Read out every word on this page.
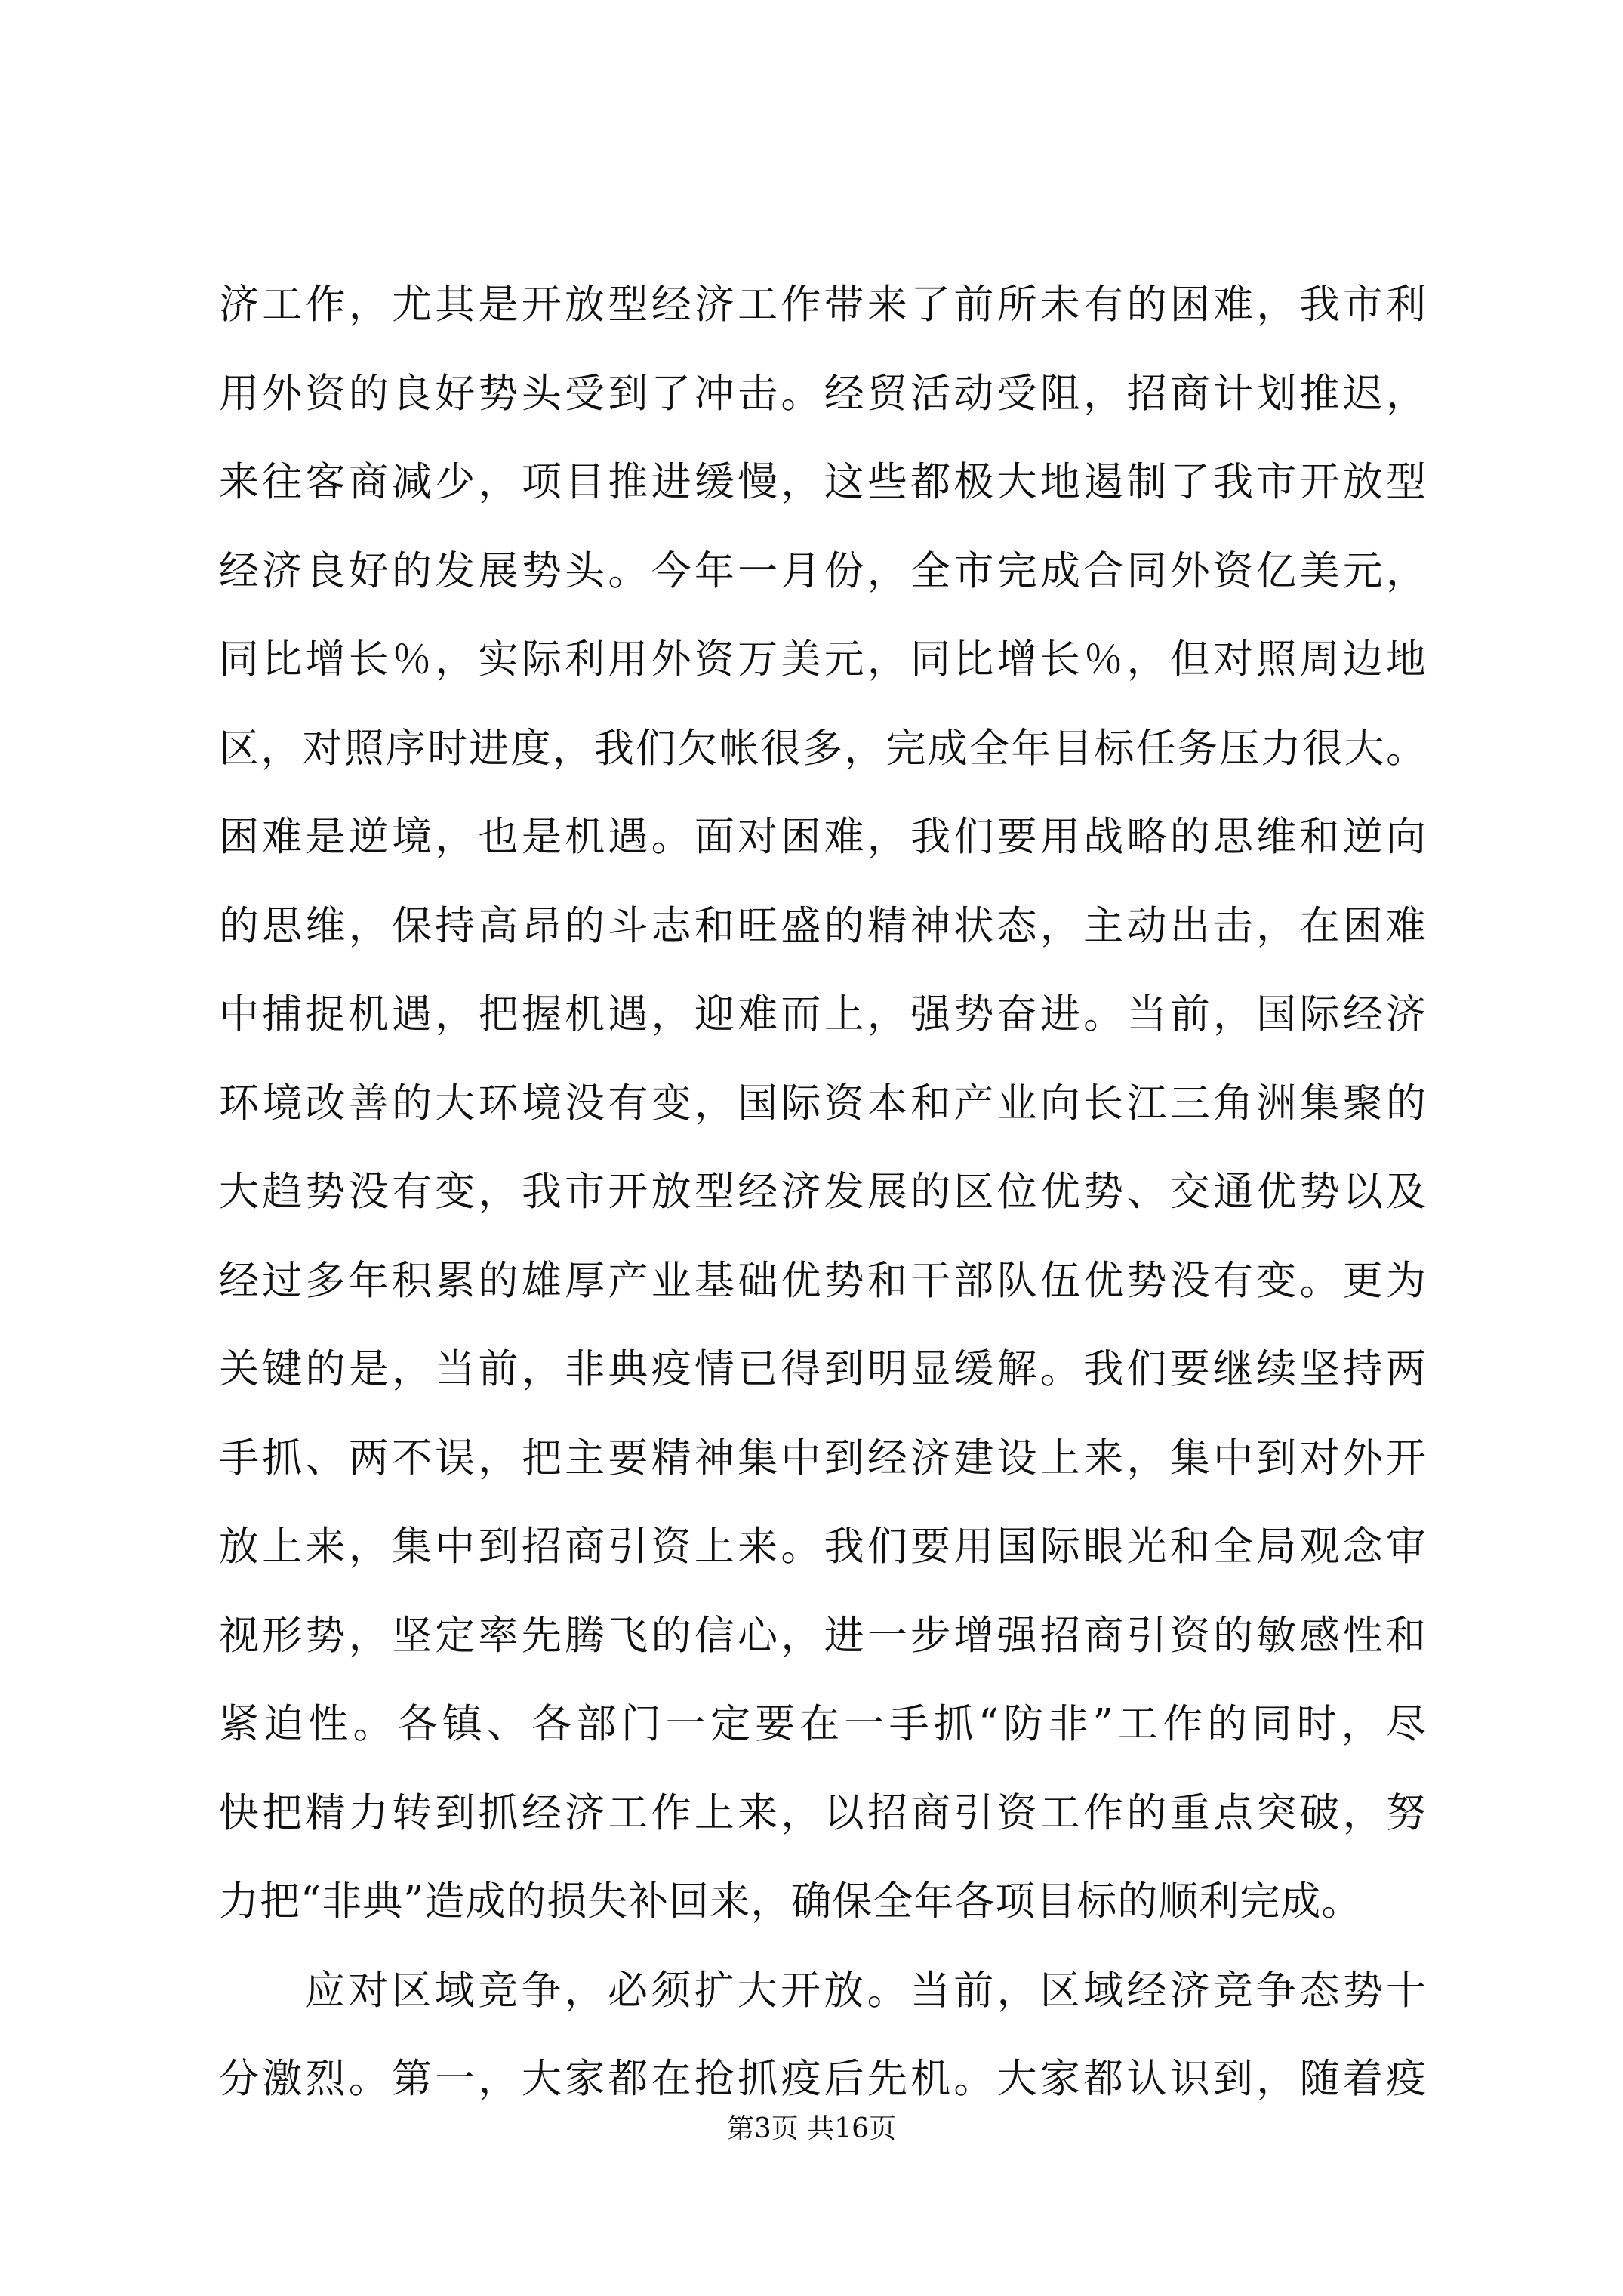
济工作，尤其是开放型经济工作带来了前所未有的困难，我市利
用外资的良好势头受到了冲击。经贸活动受阻，招商计划推迟，
来往客商减少，项目推进缓慢，这些都极大地遏制了我市开放型
经济良好的发展势头。今年一月份，全市完成合同外资亿美元，
同比增长％，实际利用外资万美元，同比增长％，但对照周边地
区，对照序时进度，我们欠帐很多，完成全年目标任务压力很大。
困难是逆境，也是机遇。面对困难，我们要用战略的思维和逆向
的思维，保持高昂的斗志和旺盛的精神状态，主动出击，在困难
中捕捉机遇，把握机遇，迎难而上，强势奋进。当前，国际经济
环境改善的大环境没有变，国际资本和产业向长江三角洲集聚的
大趋势没有变，我市开放型经济发展的区位优势、交通优势以及
经过多年积累的雄厚产业基础优势和干部队伍优势没有变。更为
关键的是，当前，非典疫情已得到明显缓解。我们要继续坚持两
手抓、两不误，把主要精神集中到经济建设上来，集中到对外开
放上来，集中到招商引资上来。我们要用国际眼光和全局观念审
视形势，坚定率先腾飞的信心，进一步增强招商引资的敏感性和
紧迫性。各镇、各部门一定要在一手抓“防非”工作的同时，尽
快把精力转到抓经济工作上来，以招商引资工作的重点突破，努
力把“非典”造成的损失补回来，确保全年各项目标的顺利完成。
应对区域竞争，必须扩大开放。当前，区域经济竞争态势十
分激烈。第一，大家都在抢抓疫后先机。大家都认识到，随着疫
第3页 共16页
